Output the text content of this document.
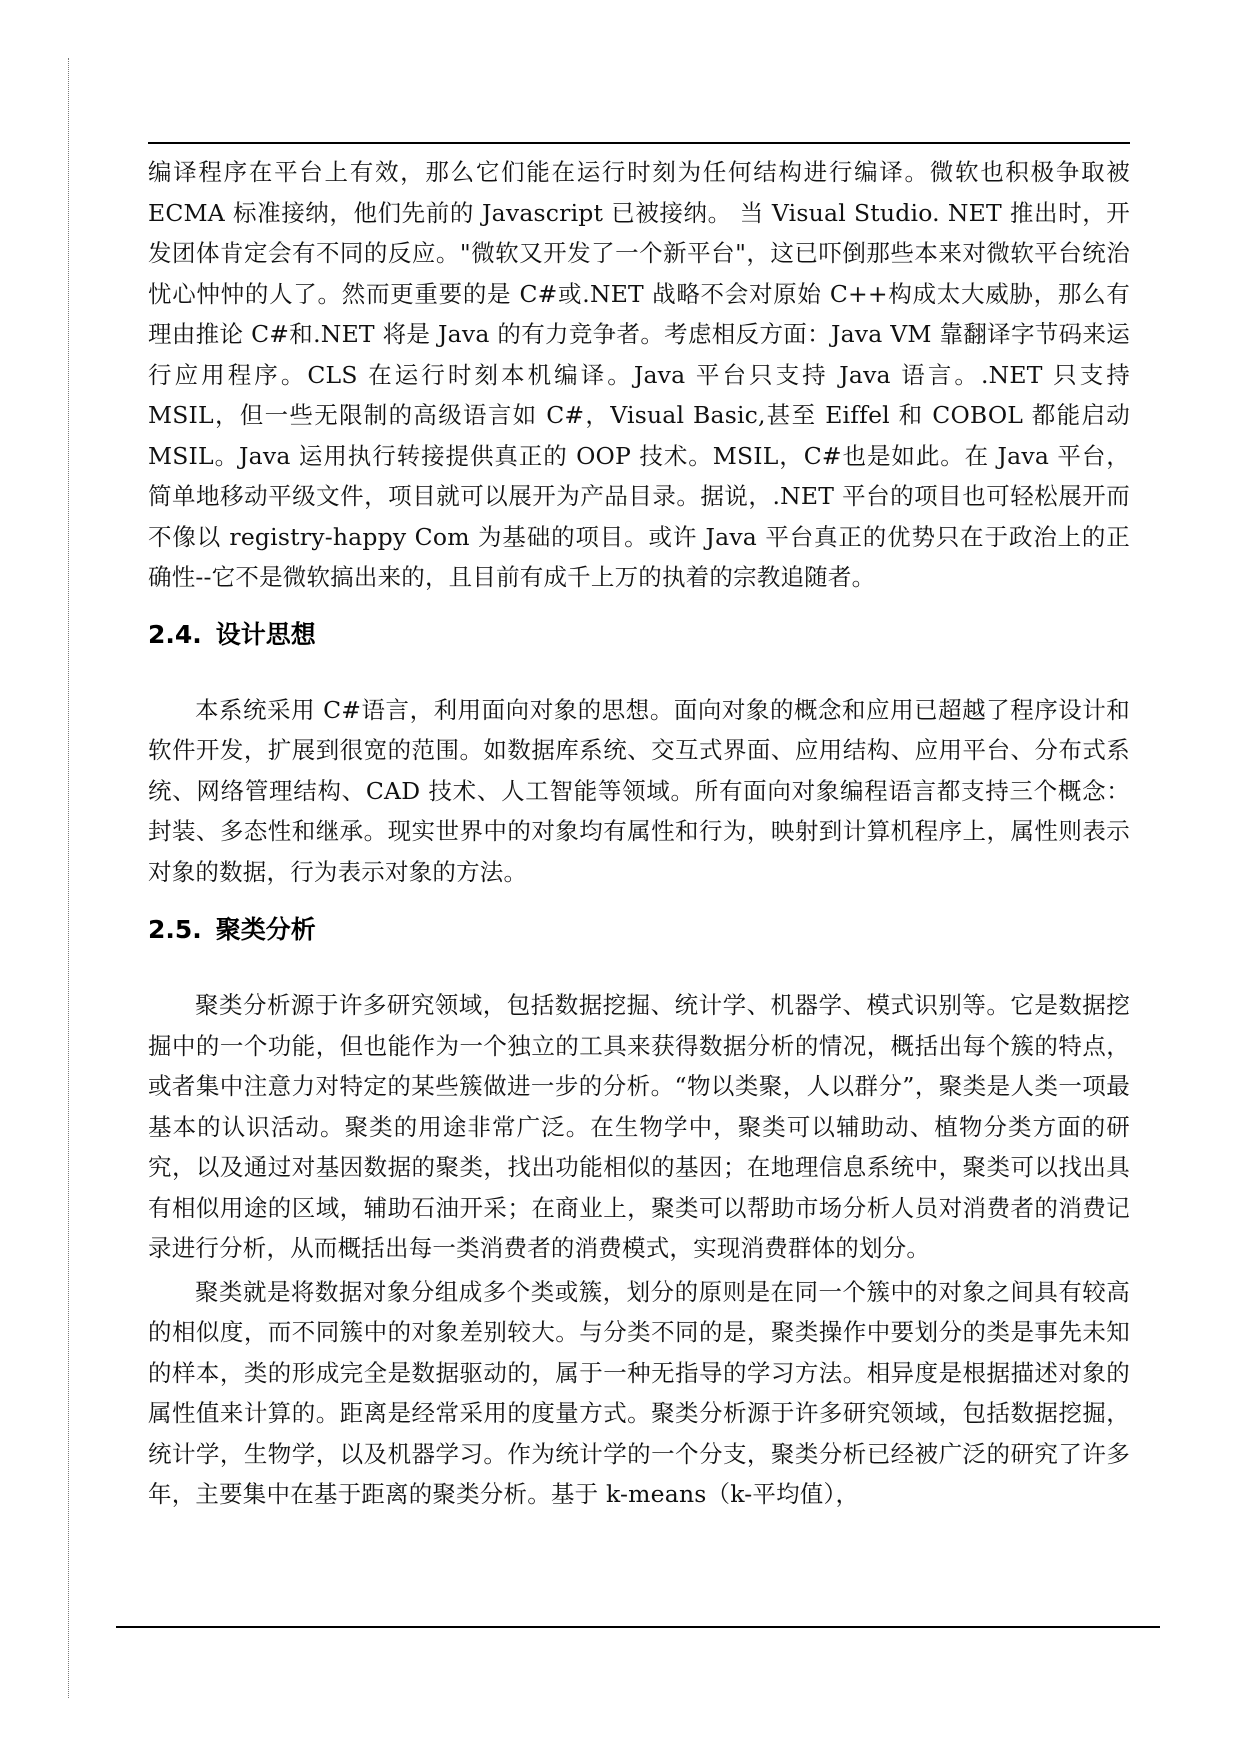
编译程序在平台上有效，那么它们能在运行时刻为任何结构进行编译。微软也积极争取被ECMA 标准接纳，他们先前的 Javascript 已被接纳。 当 Visual Studio. NET 推出时，开发团体肯定会有不同的反应。"微软又开发了一个新平台"，这已吓倒那些本来对微软平台统治忧心忡忡的人了。然而更重要的是 C#或.NET 战略不会对原始 C++构成太大威胁，那么有理由推论 C#和.NET 将是 Java 的有力竞争者。考虑相反方面：Java VM 靠翻译字节码来运行应用程序。CLS 在运行时刻本机编译。Java 平台只支持 Java 语言。.NET 只支持 MSIL，但一些无限制的高级语言如 C#，Visual Basic,甚至 Eiffel 和 COBOL 都能启动 MSIL。Java 运用执行转接提供真正的 OOP 技术。MSIL，C#也是如此。在 Java 平台，简单地移动平级文件，项目就可以展开为产品目录。据说，.NET 平台的项目也可轻松展开而不像以 registry-happy Com 为基础的项目。或许 Java 平台真正的优势只在于政治上的正确性--它不是微软搞出来的，且目前有成千上万的执着的宗教追随者。

2.4. 设计思想

本系统采用 C#语言，利用面向对象的思想。面向对象的概念和应用已超越了程序设计和软件开发，扩展到很宽的范围。如数据库系统、交互式界面、应用结构、应用平台、分布式系统、网络管理结构、CAD 技术、人工智能等领域。所有面向对象编程语言都支持三个概念：封装、多态性和继承。现实世界中的对象均有属性和行为，映射到计算机程序上，属性则表示对象的数据，行为表示对象的方法。

2.5. 聚类分析

聚类分析源于许多研究领域，包括数据挖掘、统计学、机器学、模式识别等。它是数据挖掘中的一个功能，但也能作为一个独立的工具来获得数据分析的情况，概括出每个簇的特点，或者集中注意力对特定的某些簇做进一步的分析。“物以类聚，人以群分”，聚类是人类一项最基本的认识活动。聚类的用途非常广泛。在生物学中，聚类可以辅助动、植物分类方面的研究，以及通过对基因数据的聚类，找出功能相似的基因；在地理信息系统中，聚类可以找出具有相似用途的区域，辅助石油开采；在商业上，聚类可以帮助市场分析人员对消费者的消费记录进行分析，从而概括出每一类消费者的消费模式，实现消费群体的划分。

聚类就是将数据对象分组成多个类或簇，划分的原则是在同一个簇中的对象之间具有较高的相似度，而不同簇中的对象差别较大。与分类不同的是，聚类操作中要划分的类是事先未知的样本，类的形成完全是数据驱动的，属于一种无指导的学习方法。相异度是根据描述对象的属性值来计算的。距离是经常采用的度量方式。聚类分析源于许多研究领域，包括数据挖掘，统计学，生物学，以及机器学习。作为统计学的一个分支，聚类分析已经被广泛的研究了许多年，主要集中在基于距离的聚类分析。基于 k-means（k-平均值），
